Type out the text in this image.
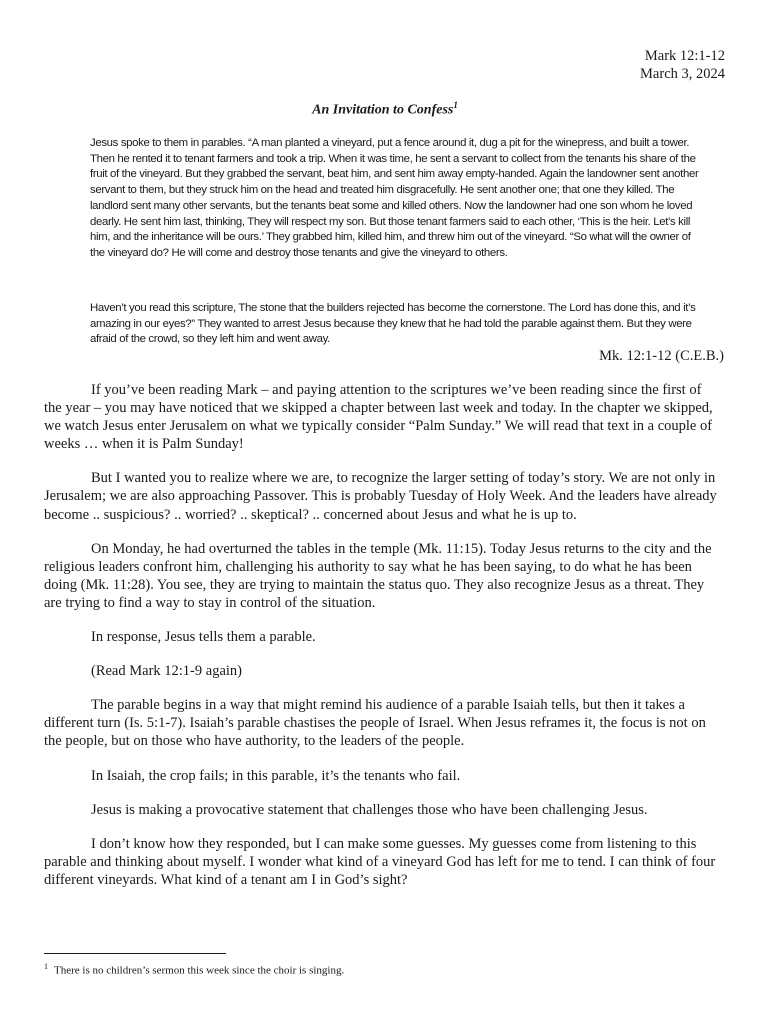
Mark 12:1-12
March 3, 2024
An Invitation to Confess$^1$

Jesus spoke to them in parables. “A man planted a vineyard, put a fence around it, dug a pit for the winepress, and built a tower. Then he rented it to tenant farmers and took a trip. When it was time, he sent a servant to collect from the tenants his share of the fruit of the vineyard. But they grabbed the servant, beat him, and sent him away empty-handed. Again the landowner sent another servant to them, but they struck him on the head and treated him disgracefully. He sent another one; that one they killed. The landlord sent many other servants, but the tenants beat some and killed others. Now the landowner had one son whom he loved dearly. He sent him last, thinking, They will respect my son. But those tenant farmers said to each other, ‘This is the heir. Let’s kill him, and the inheritance will be ours.’ They grabbed him, killed him, and threw him out of the vineyard. “So what will the owner of the vineyard do? He will come and destroy those tenants and give the vineyard to others.

Haven’t you read this scripture, The stone that the builders rejected has become the cornerstone. The Lord has done this, and it’s amazing in our eyes?” They wanted to arrest Jesus because they knew that he had told the parable against them. But they were afraid of the crowd, so they left him and went away.

Mk. 12:1-12 (C.E.B.)

If you’ve been reading Mark – and paying attention to the scriptures we’ve been reading since the first of the year – you may have noticed that we skipped a chapter between last week and today. In the chapter we skipped, we watch Jesus enter Jerusalem on what we typically consider “Palm Sunday.” We will read that text in a couple of weeks … when it is Palm Sunday!

But I wanted you to realize where we are, to recognize the larger setting of today’s story. We are not only in Jerusalem; we are also approaching Passover. This is probably Tuesday of Holy Week. And the leaders have already become .. suspicious? .. worried? .. skeptical? .. concerned about Jesus and what he is up to.

On Monday, he had overturned the tables in the temple (Mk. 11:15). Today Jesus returns to the city and the religious leaders confront him, challenging his authority to say what he has been saying, to do what he has been doing (Mk. 11:28). You see, they are trying to maintain the status quo. They also recognize Jesus as a threat. They are trying to find a way to stay in control of the situation.

In response, Jesus tells them a parable.

(Read Mark 12:1-9 again)

The parable begins in a way that might remind his audience of a parable Isaiah tells, but then it takes a different turn (Is. 5:1-7). Isaiah’s parable chastises the people of Israel. When Jesus reframes it, the focus is not on the people, but on those who have authority, to the leaders of the people.

In Isaiah, the crop fails; in this parable, it’s the tenants who fail.

Jesus is making a provocative statement that challenges those who have been challenging Jesus.

I don’t know how they responded, but I can make some guesses. My guesses come from listening to this parable and thinking about myself. I wonder what kind of a vineyard God has left for me to tend. I can think of four different vineyards. What kind of a tenant am I in God’s sight?

$^1$ There is no children’s sermon this week since the choir is singing.
